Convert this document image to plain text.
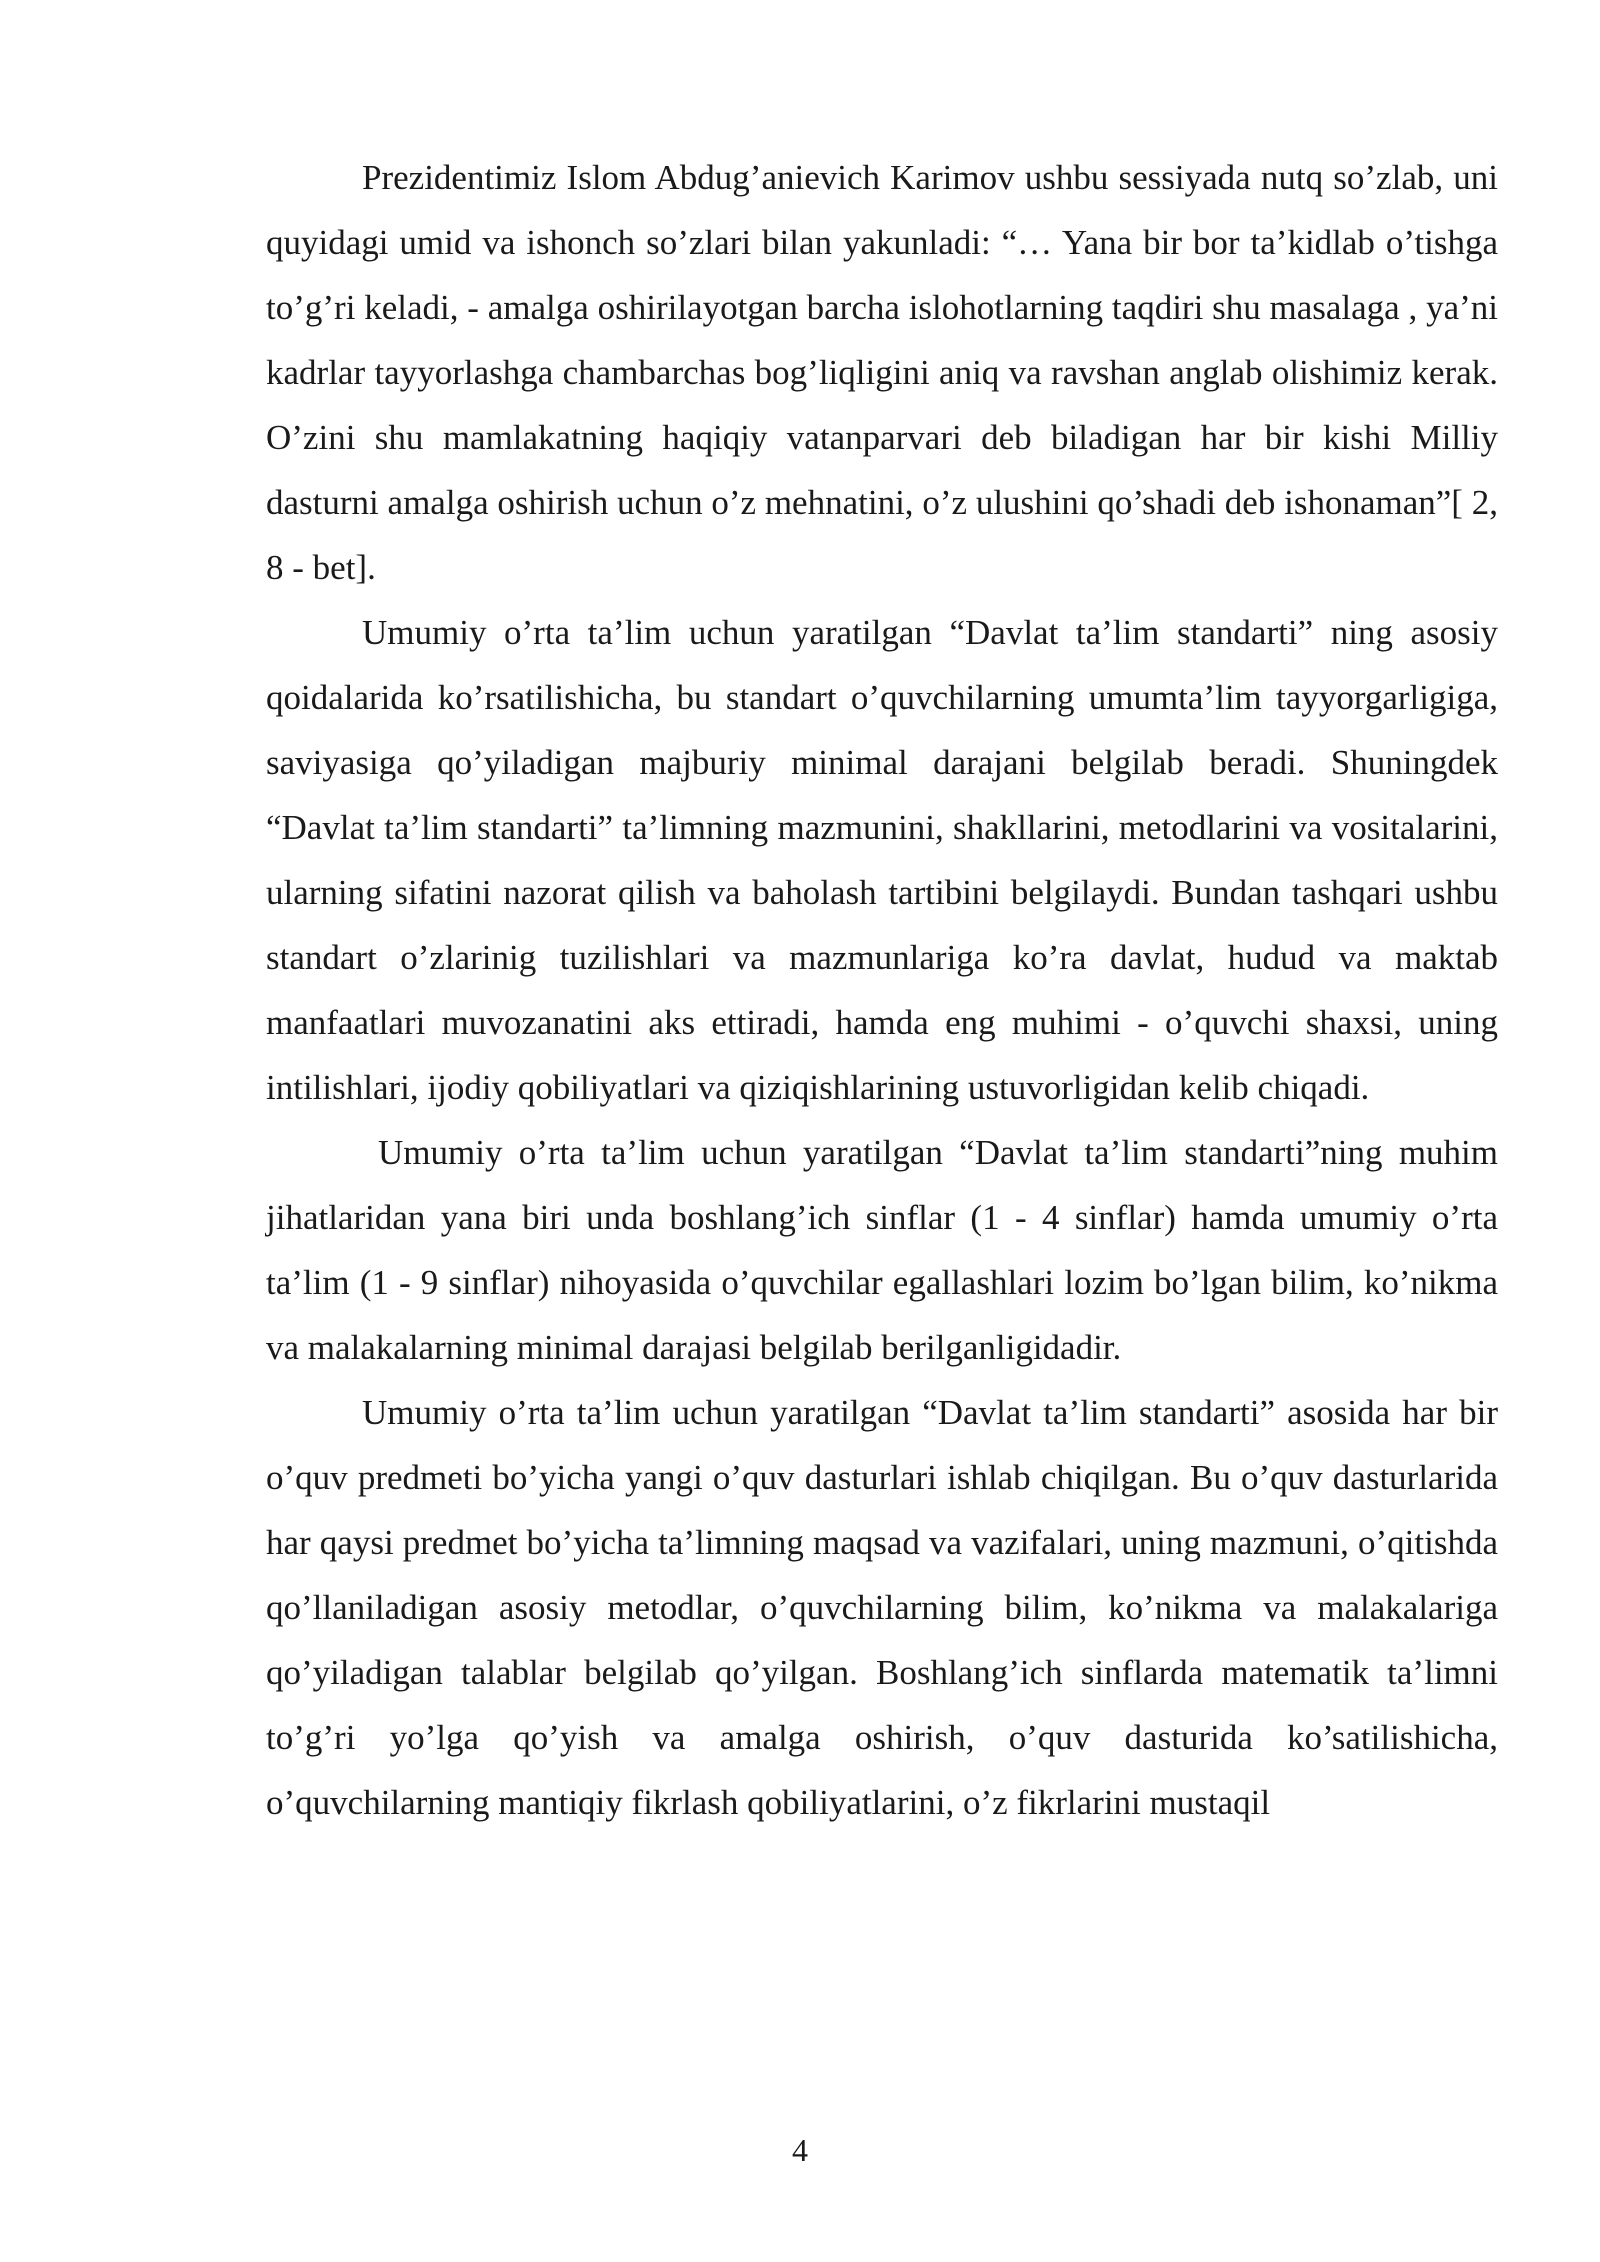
Prezidentimiz Islom Abdug’anievich Karimov ushbu sessiyada nutq so’zlab, uni quyidagi umid va ishonch so’zlari bilan yakunladi: “… Yana bir bor ta’kidlab o’tishga to’g’ri keladi, - amalga oshirilayotgan barcha islohotlarning taqdiri shu masalaga , ya’ni kadrlar tayyorlashga chambarchas bog’liqligini aniq va ravshan anglab olishimiz kerak. O’zini shu mamlakatning haqiqiy vatanparvari deb biladigan har bir kishi Milliy dasturni amalga oshirish uchun o’z mehnatini, o’z ulushini qo’shadi deb ishonaman”[ 2, 8 - bet].

Umumiy o’rta ta’lim uchun yaratilgan “Davlat ta’lim standarti” ning asosiy qoidalarida ko’rsatilishicha, bu standart o’quvchilarning umumta’lim tayyorgarligiga, saviyasiga qo’yiladigan majburiy minimal darajani belgilab beradi. Shuningdek “Davlat ta’lim standarti” ta’limning mazmunini, shakllarini, metodlarini va vositalarini, ularning sifatini nazorat qilish va baholash tartibini belgilaydi. Bundan tashqari ushbu standart o’zlarinig tuzilishlari va mazmunlariga ko’ra davlat, hudud va maktab manfaatlari muvozanatini aks ettiradi, hamda eng muhimi - o’quvchi shaxsi, uning intilishlari, ijodiy qobiliyatlari va qiziqishlarining ustuvorligidan kelib chiqadi.

Umumiy o’rta ta’lim uchun yaratilgan “Davlat ta’lim standarti”ning muhim jihatlaridan yana biri unda boshlang’ich sinflar (1 - 4 sinflar) hamda umumiy o’rta ta’lim (1 - 9 sinflar) nihoyasida o’quvchilar egallashlari lozim bo’lgan bilim, ko’nikma va malakalarning minimal darajasi belgilab berilganligidadir.

Umumiy o’rta ta’lim uchun yaratilgan “Davlat ta’lim standarti” asosida har bir o’quv predmeti bo’yicha yangi o’quv dasturlari ishlab chiqilgan. Bu o’quv dasturlarida har qaysi predmet bo’yicha ta’limning maqsad va vazifalari, uning mazmuni, o’qitishda qo’llaniladigan asosiy metodlar, o’quvchilarning bilim, ko’nikma va malakalariga qo’yiladigan talablar belgilab qo’yilgan. Boshlang’ich sinflarda matematik ta’limni to’g’ri yo’lga qo’yish va amalga oshirish, o’quv dasturida ko’satilishicha, o’quvchilarning mantiqiy fikrlash qobiliyatlarini, o’z fikrlarini mustaqil

4
